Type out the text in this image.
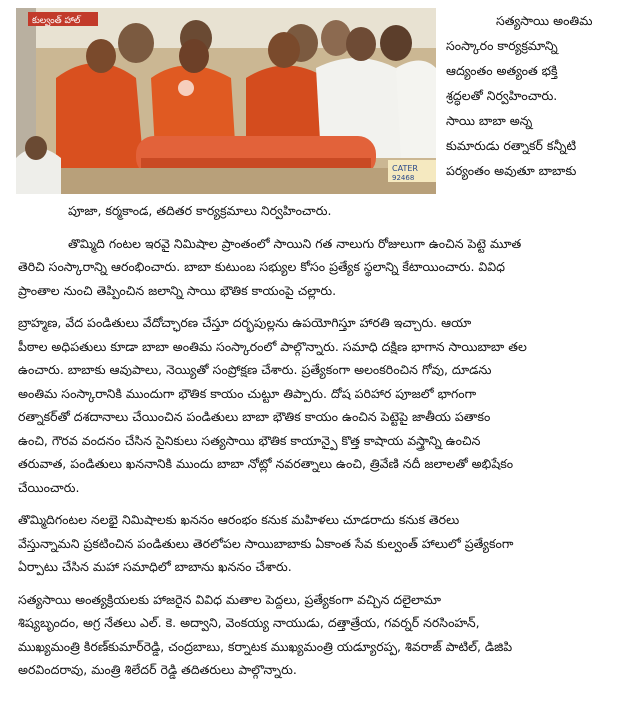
కుల్వంత్ హాల్
CATER
92468
సత్యసాయి అంతిమ
సంస్కారం కార్యక్రమాన్ని
ఆద్యంతం అత్యంత భక్తి
శ్రద్ధలతో నిర్వహించారు.
సాయి బాబా అన్న
కుమారుడు రత్నాకర్ కన్నీటి
పర్యంతం అవుతూ బాబాకు
పూజా, కర్మకాండ, తదితర కార్యక్రమాలు నిర్వహించారు.
తొమ్మిది గంటల ఇరవై నిమిషాల ప్రాంతంలో సాయిని గత నాలుగు రోజులుగా ఉంచిన పెట్టె మూత
తెరిచి సంస్కారాన్ని ఆరంభించారు. బాబా కుటుంబ సభ్యుల కోసం ప్రత్యేక స్థలాన్ని కేటాయించారు. వివిధ
ప్రాంతాల నుంచి తెప్పించిన జలాన్ని సాయి భౌతిక కాయంపై చల్లారు.
బ్రాహ్మణ, వేద పండితులు వేదోచ్ఛారణ చేస్తూ దర్భపుల్లను ఉపయోగిస్తూ హారతి ఇచ్చారు. ఆయా
పీఠాల అధిపతులు కూడా బాబా అంతిమ సంస్కారంలో పాల్గొన్నారు. సమాధి దక్షిణ భాగాన సాయిబాబా తల
ఉంచారు. బాబాకు ఆవుపాలు, నెయ్యితో సంప్రోక్షణ చేశారు. ప్రత్యేకంగా అలంకరించిన గోవు, దూడను
అంతిమ సంస్కారానికి ముందుగా భౌతిక కాయం చుట్టూ తిప్పారు. దోష పరిహార పూజలో భాగంగా
రత్నాకర్‌తో దశదానాలు చేయించిన పండితులు బాబా భౌతిక కాయం ఉంచిన పెట్టెపై జాతీయ పతాకం
ఉంచి, గౌరవ వందనం చేసిన సైనికులు సత్యసాయి భౌతిక కాయాన్పై కొత్త కాషాయ వస్త్రాన్ని ఉంచిన
తరువాత, పండితులు ఖననానికి ముందు బాబా నోట్లో నవరత్నాలు ఉంచి, త్రివేణి నదీ జలాలతో అభిషేకం
చేయించారు.
తొమ్మిదిగంటల నలభై నిమిషాలకు ఖననం ఆరంభం కనుక మహిళలు చూడరాదు కనుక తెరలు
వేస్తున్నామని ప్రకటించిన పండితులు తెరలోపల సాయిబాబాకు ఏకాంత సేవ కుల్వంత్ హాలులో ప్రత్యేకంగా
ఏర్పాటు చేసిన మహా సమాధిలో బాబాను ఖననం చేశారు.
సత్యసాయి అంత్యక్రియలకు హాజరైన వివిధ మతాల పెద్దలు, ప్రత్యేకంగా వచ్చిన దలైలామా
శిష్యబృందం, అగ్ర నేతలు ఎల్. కె. అద్వాని, వెంకయ్య నాయుడు, దత్తాత్రేయ, గవర్నర్ నరసింహన్,
ముఖ్యమంత్రి కిరణ్‌కుమార్‌రెడ్డి, చంద్రబాబు, కర్నాటక ముఖ్యమంత్రి యడ్యూరప్ప, శివరాజ్ పాటిల్, డిజిపి
అరవిందరావు, మంత్రి శిలేదర్ రెడ్డి తదితరులు పాల్గొన్నారు.
